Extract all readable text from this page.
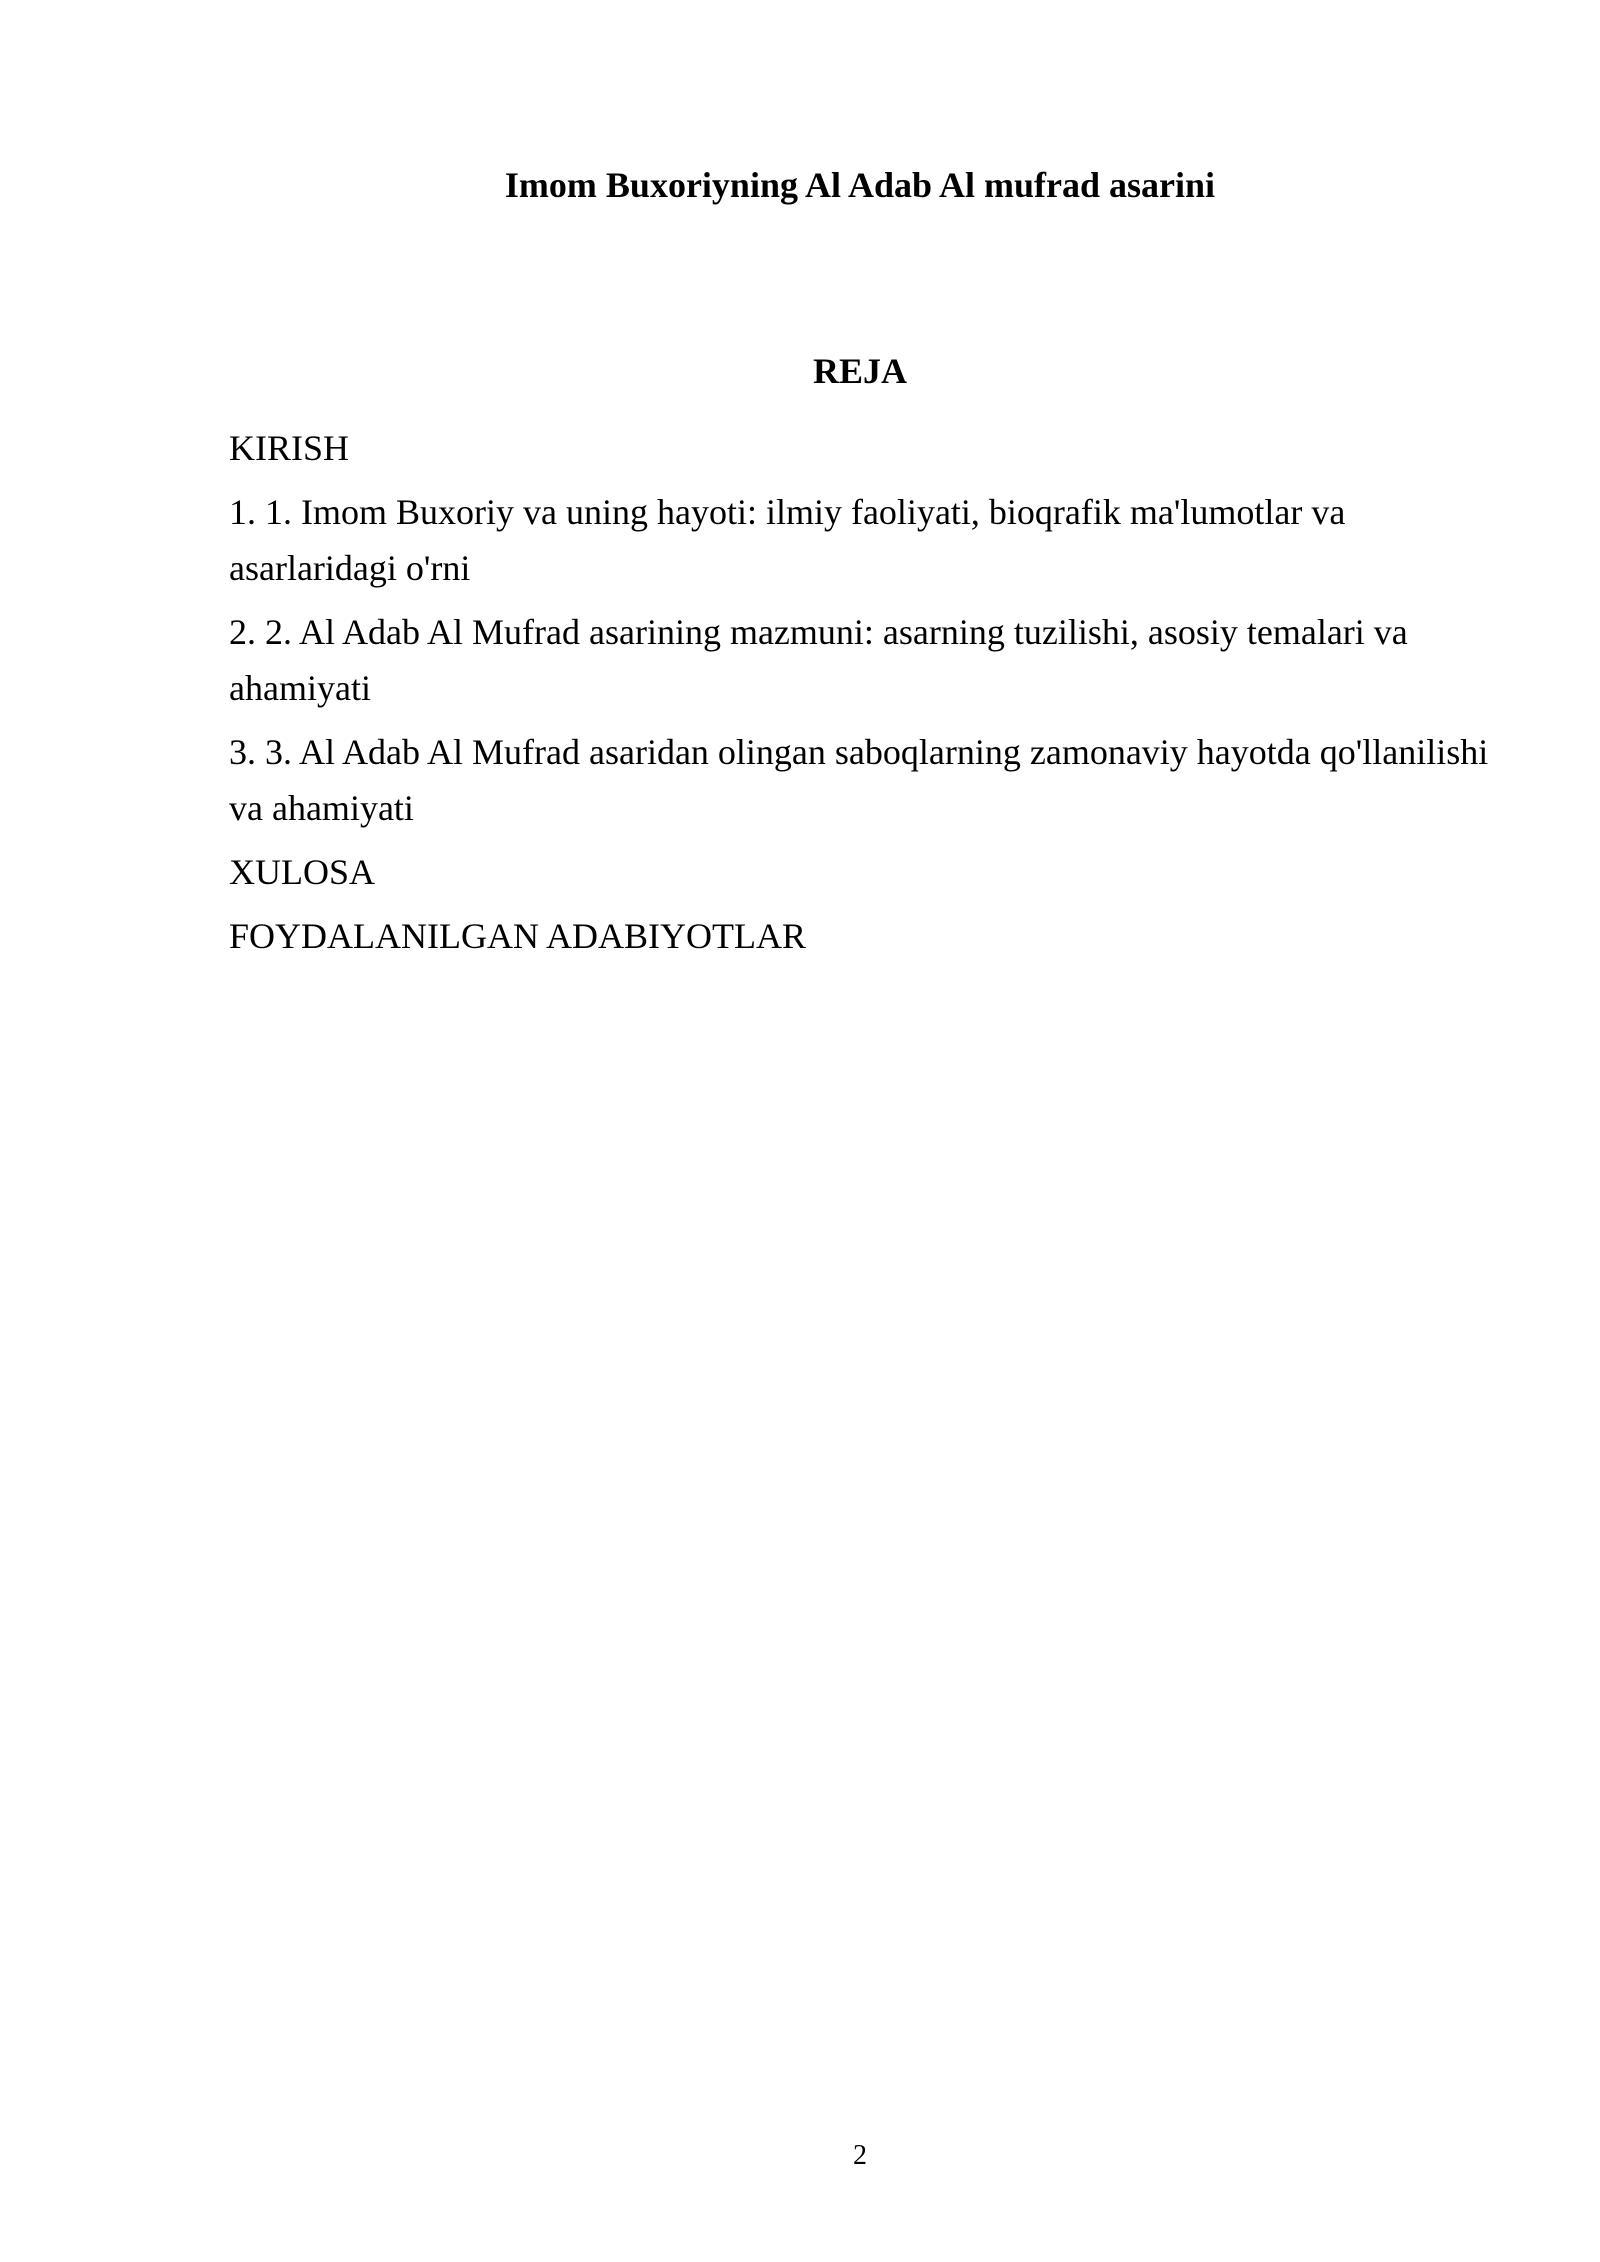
Imom Buxoriyning Al Adab Al mufrad asarini
REJA
KIRISH
1. 1. Imom Buxoriy va uning hayoti: ilmiy faoliyati, bioqrafik ma'lumotlar va asarlaridagi o'rni
2. 2. Al Adab Al Mufrad asarining mazmuni: asarning tuzilishi, asosiy temalari va ahamiyati
3. 3. Al Adab Al Mufrad asaridan olingan saboqlarning zamonaviy hayotda qo'llanilishi va ahamiyati
XULOSA
FOYDALANILGAN ADABIYOTLAR
2
